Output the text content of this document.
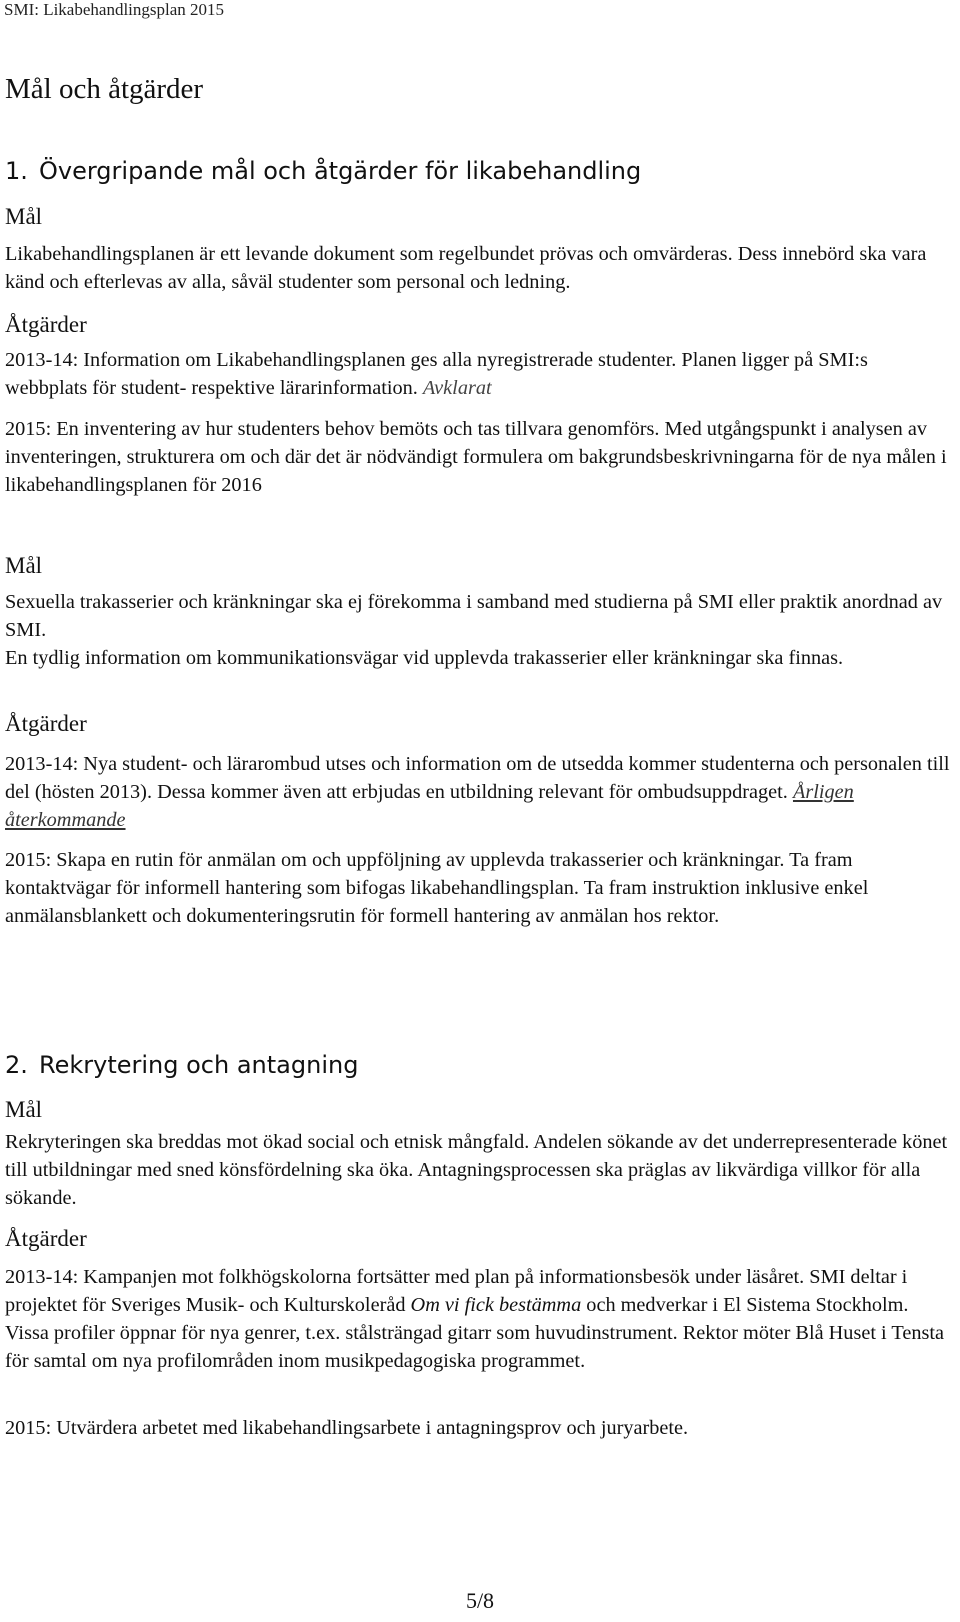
SMI: Likabehandlingsplan 2015
Mål och åtgärder
1. Övergripande mål och åtgärder för likabehandling
Mål

Likabehandlingsplanen är ett levande dokument som regelbundet prövas och omvärderas. Dess innebörd ska vara känd och efterlevas av alla, såväl studenter som personal och ledning.

Åtgärder

2013-14: Information om Likabehandlingsplanen ges alla nyregistrerade studenter. Planen ligger på SMI:s webbplats för student- respektive lärarinformation. Avklarat

2015: En inventering av hur studenters behov bemöts och tas tillvara genomförs. Med utgångspunkt i analysen av inventeringen, strukturera om och där det är nödvändigt formulera om bakgrundsbeskrivningarna för de nya målen i likabehandlingsplanen för 2016

Mål

Sexuella trakasserier och kränkningar ska ej förekomma i samband med studierna på SMI eller praktik anordnad av SMI.

En tydlig information om kommunikationsvägar vid upplevda trakasserier eller kränkningar ska finnas.

Åtgärder

2013-14: Nya student- och lärarombud utses och information om de utsedda kommer studenterna och personalen till del (hösten 2013). Dessa kommer även att erbjudas en utbildning relevant för ombudsuppdraget. Årligen återkommande

2015: Skapa en rutin för anmälan om och uppföljning av upplevda trakasserier och kränkningar. Ta fram kontaktvägar för informell hantering som bifogas likabehandlingsplan. Ta fram instruktion inklusive enkel anmälansblankett och dokumenteringsrutin för formell hantering av anmälan hos rektor.

2. Rekrytering och antagning
Mål

Rekryteringen ska breddas mot ökad social och etnisk mångfald. Andelen sökande av det underrepresenterade könet till utbildningar med sned könsfördelning ska öka. Antagningsprocessen ska präglas av likvärdiga villkor för alla sökande.

Åtgärder

2013-14: Kampanjen mot folkhögskolorna fortsätter med plan på informationsbesök under läsåret. SMI deltar i projektet för Sveriges Musik- och Kulturskoleråd Om vi fick bestämma och medverkar i El Sistema Stockholm. Vissa profiler öppnar för nya genrer, t.ex. stålsträngad gitarr som huvudinstrument. Rektor möter Blå Huset i Tensta för samtal om nya profilområden inom musikpedagogiska programmet.

2015: Utvärdera arbetet med likabehandlingsarbete i antagningsprov och juryarbete.

5/8
